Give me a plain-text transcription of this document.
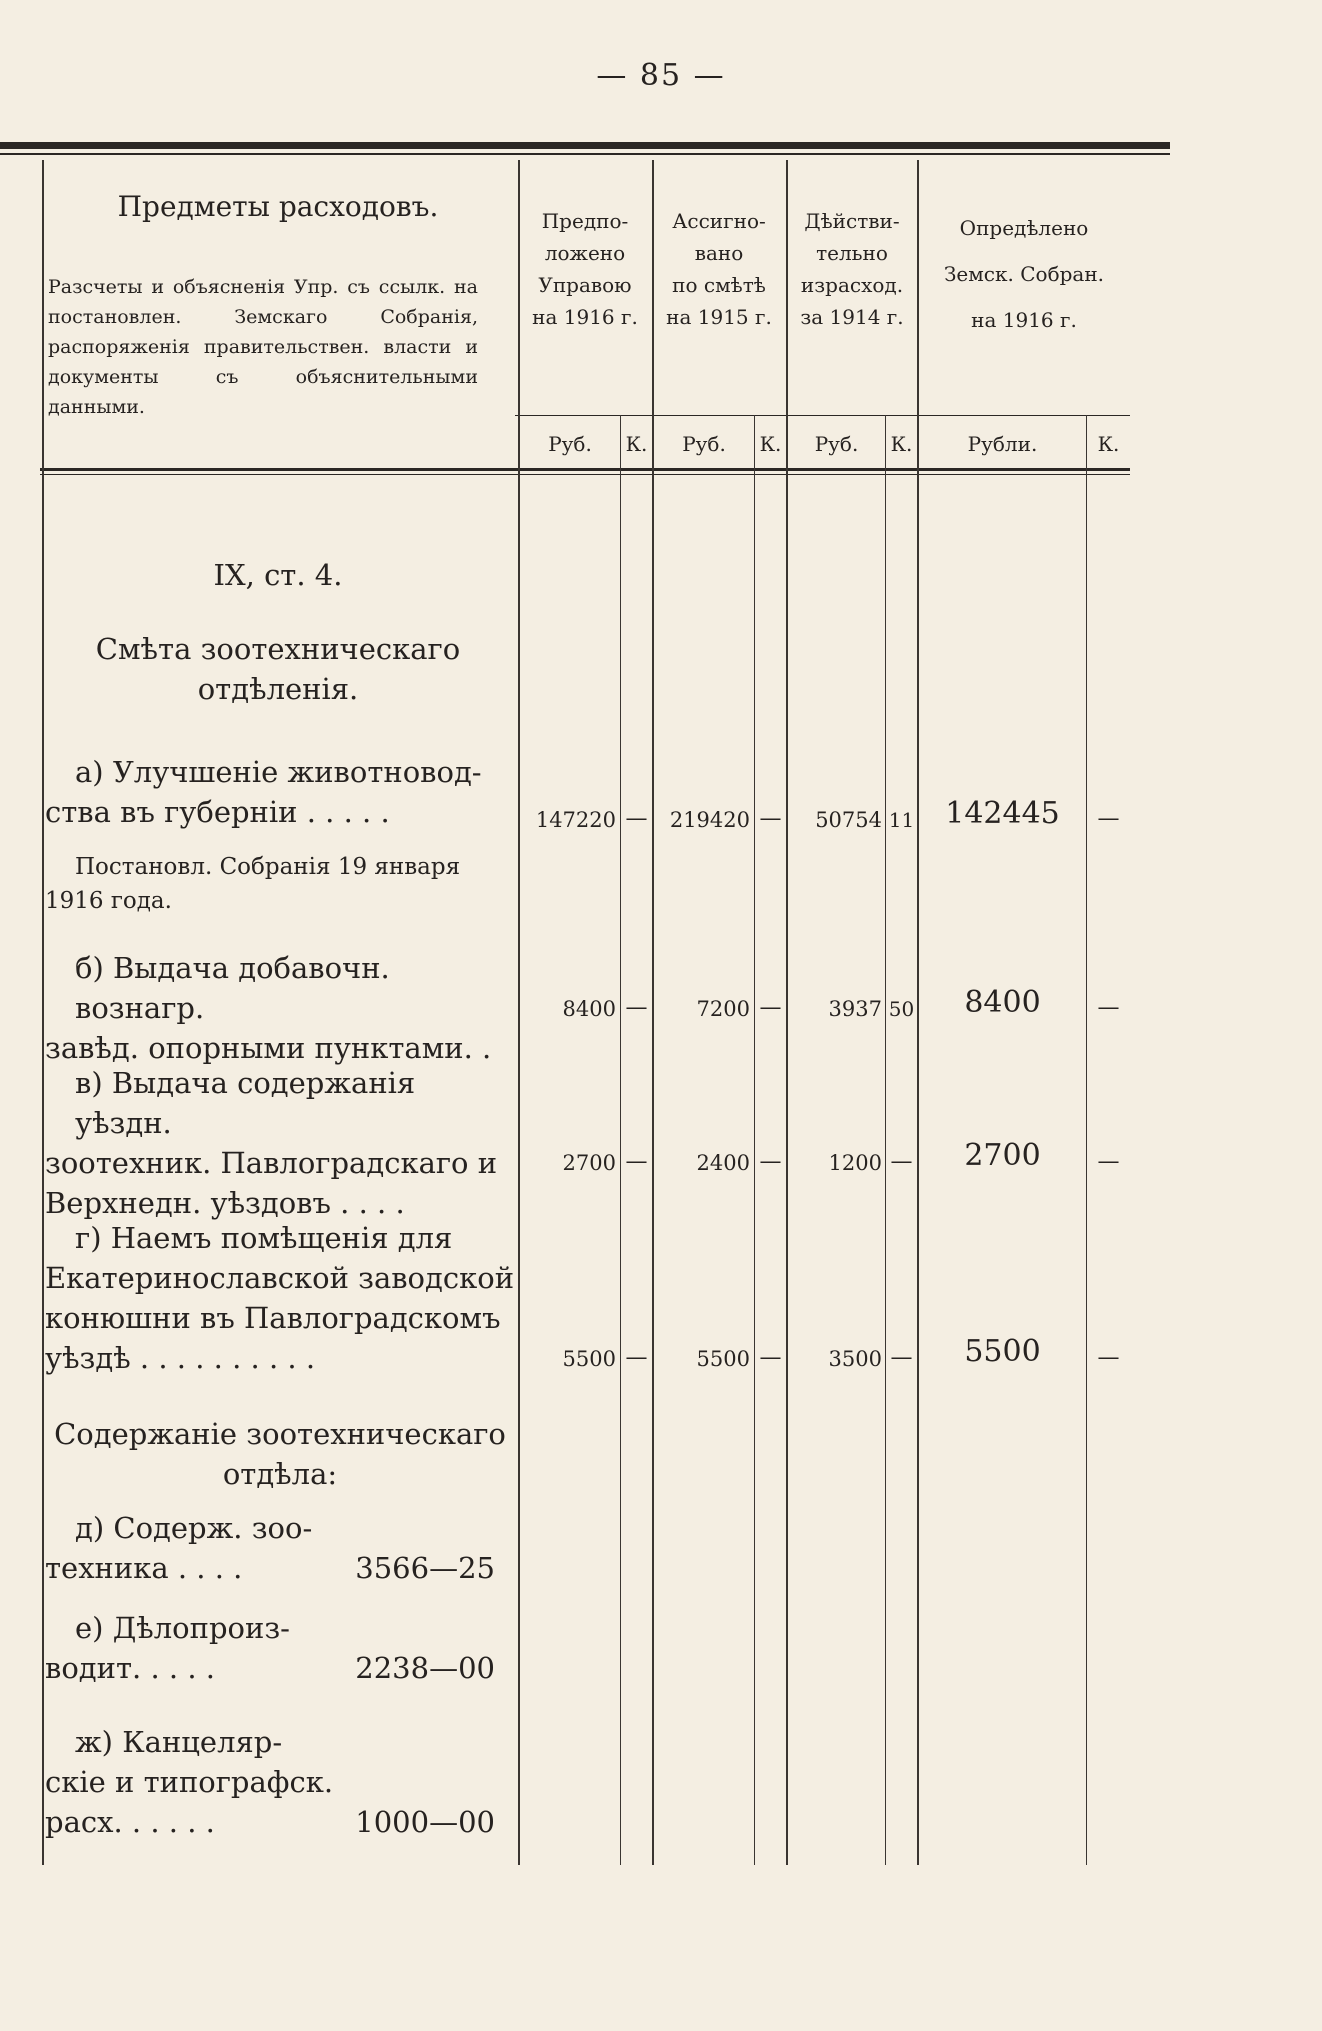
— 85 —
Предметы расходовъ.
Разсчеты и объясненія Упр. съ ссылк. на постановлен. Земскаго Собранія, распоряженія правительствен. власти и документы съ объяснительными данными.
Предпо-
ложено
Управою
на 1916 г.
Ассигно-
вано
по смѣтѣ
на 1915 г.
Дѣйстви-
тельно
израсход.
за 1914 г.
Опредѣлено
Земск. Собран.
на 1916 г.
Руб.	К.	Руб.	К.	Руб.	К.	Рубли.	К.
IX, ст. 4.
Смѣта зоотехническаго
отдѣленія.
а) Улучшеніе животновод-
ства въ губерніи . . . . .
Постановл. Собранія 19 января
1916 года.
147220 —	219420 —	50754 11	142445	—
б) Выдача добавочн. вознагр.
завѣд. опорными пунктами. .
8400 —	7200 —	3937 50	8400	—
в) Выдача содержанія уѣздн.
зоотехник. Павлоградскаго и
Верхнедн. уѣздовъ . . . .
2700 —	2400 —	1200 —	2700	—
г) Наемъ помѣщенія для
Екатеринославской заводской
конюшни въ Павлоградскомъ
уѣздѣ . . . . . . . . . .	5500 —	5500 —	3500 —	5500	—
Содержаніе зоотехническаго
отдѣла:
д) Содерж. зоо-
техника . . . .	3566—25
е) Дѣлопроиз-
водит. . . . .	2238—00
ж) Канцеляр-
скіе и типографск.
расх. . . . . .	1000—00
